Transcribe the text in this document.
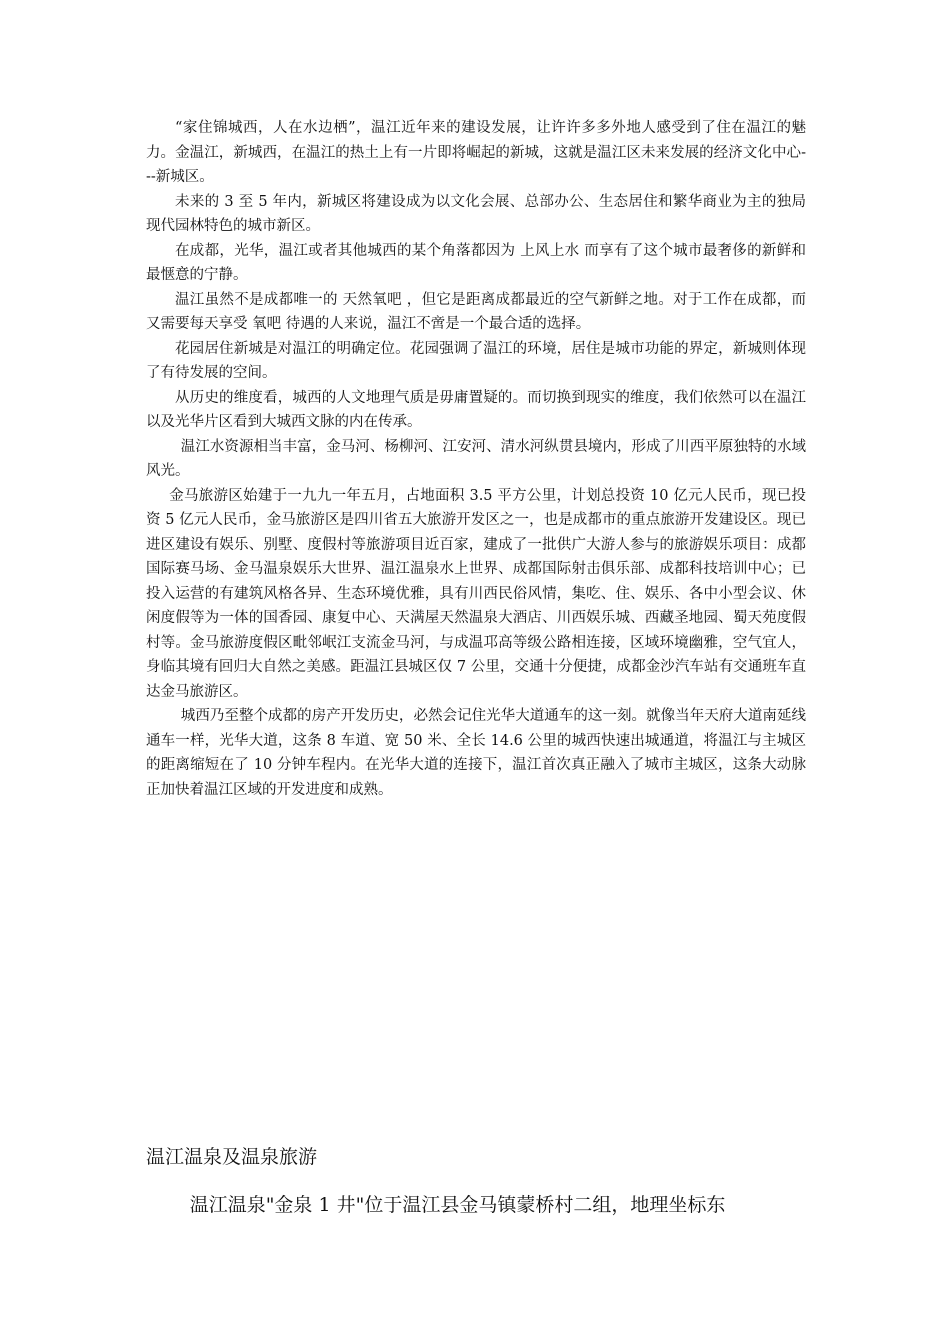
“家住锦城西，人在水边栖”，温江近年来的建设发展，让许许多多外地人感受到了住在温江的魅力。金温江，新城西，在温江的热土上有一片即将崛起的新城，这就是温江区未来发展的经济文化中心---新城区。

未来的 3 至 5 年内，新城区将建设成为以文化会展、总部办公、生态居住和繁华商业为主的独局现代园林特色的城市新区。

在成都，光华，温江或者其他城西的某个角落都因为 上风上水 而享有了这个城市最奢侈的新鲜和最惬意的宁静。

温江虽然不是成都唯一的 天然氧吧 ，但它是距离成都最近的空气新鲜之地。对于工作在成都，而又需要每天享受 氧吧 待遇的人来说，温江不啻是一个最合适的选择。

花园居住新城是对温江的明确定位。花园强调了温江的环境，居住是城市功能的界定，新城则体现了有待发展的空间。

从历史的维度看，城西的人文地理气质是毋庸置疑的。而切换到现实的维度，我们依然可以在温江以及光华片区看到大城西文脉的内在传承。

温江水资源相当丰富，金马河、杨柳河、江安河、清水河纵贯县境内，形成了川西平原独特的水域风光。

金马旅游区始建于一九九一年五月，占地面积 3.5 平方公里，计划总投资 10 亿元人民币，现已投资 5 亿元人民币，金马旅游区是四川省五大旅游开发区之一，也是成都市的重点旅游开发建设区。现已进区建设有娱乐、别墅、度假村等旅游项目近百家，建成了一批供广大游人参与的旅游娱乐项目：成都国际赛马场、金马温泉娱乐大世界、温江温泉水上世界、成都国际射击俱乐部、成都科技培训中心；已投入运营的有建筑风格各异、生态环境优雅，具有川西民俗风情，集吃、住、娱乐、各中小型会议、休闲度假等为一体的国香园、康复中心、天满屋天然温泉大酒店、川西娱乐城、西藏圣地园、蜀天苑度假村等。金马旅游度假区毗邻岷江支流金马河，与成温邛高等级公路相连接，区域环境幽雅，空气宜人，身临其境有回归大自然之美感。距温江县城区仅 7 公里，交通十分便捷，成都金沙汽车站有交通班车直达金马旅游区。

城西乃至整个成都的房产开发历史，必然会记住光华大道通车的这一刻。就像当年天府大道南延线通车一样，光华大道，这条 8 车道、宽 50 米、全长 14.6 公里的城西快速出城通道，将温江与主城区的距离缩短在了 10 分钟车程内。在光华大道的连接下，温江首次真正融入了城市主城区，这条大动脉正加快着温江区域的开发进度和成熟。

温江温泉及温泉旅游

温江温泉"金泉 1 井"位于温江县金马镇蒙桥村二组，地理坐标东
